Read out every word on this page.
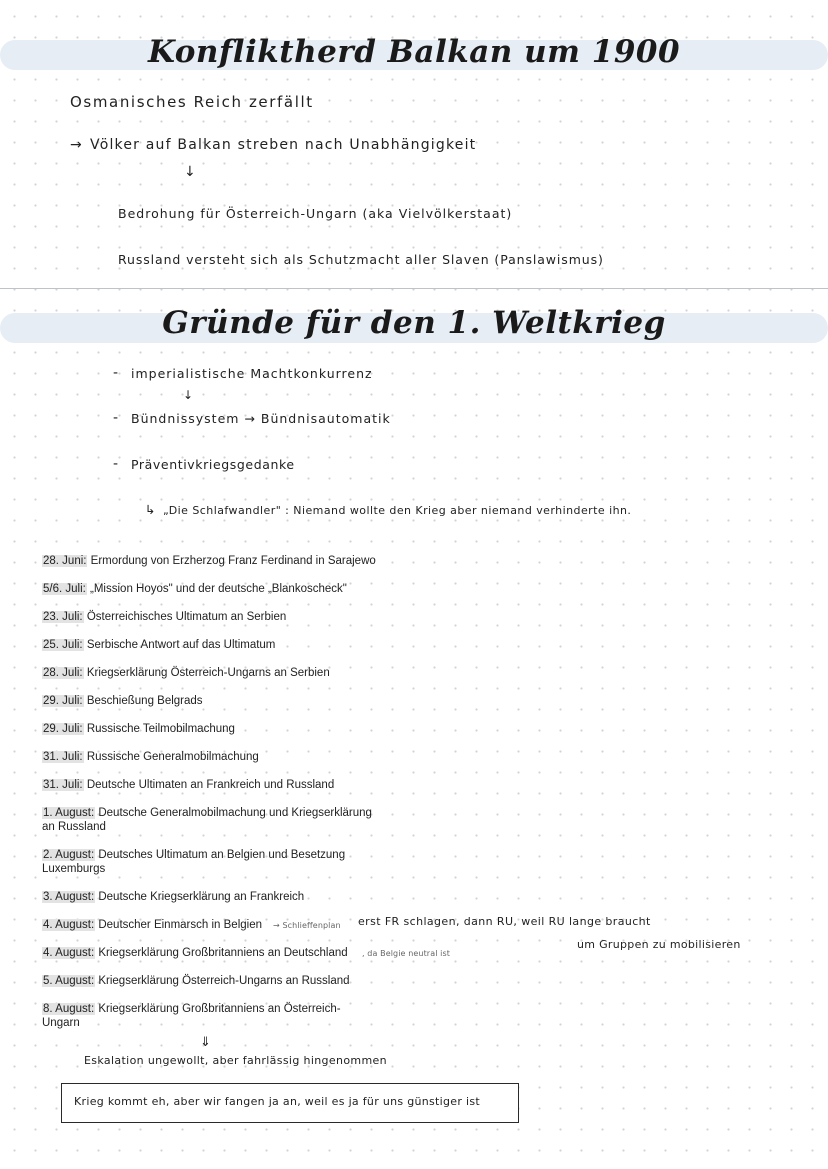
Konfliktherd Balkan um 1900
Osmanisches Reich zerfällt
→ Völker auf Balkan streben nach Unabhängigkeit
↓
Bedrohung für Österreich-Ungarn (aka Vielvölkerstaat)
Russland versteht sich als Schutzmacht aller Slaven (Panslawismus)
Gründe für den 1. Weltkrieg
- imperialistische Machtkonkurrenz
↓
- Bündnissystem → Bündnisautomatik
- Präventivkriegsgedanke
↳ „Die Schlafwandler" : Niemand wollte den Krieg aber niemand verhinderte ihn.
28. Juni: Ermordung von Erzherzog Franz Ferdinand in Sarajewo
5/6. Juli: „Mission Hoyos" und der deutsche „Blankoscheck"
23. Juli: Österreichisches Ultimatum an Serbien
25. Juli: Serbische Antwort auf das Ultimatum
28. Juli: Kriegserklärung Österreich-Ungarns an Serbien
29. Juli: Beschießung Belgrads
29. Juli: Russische Teilmobilmachung
31. Juli: Russische Generalmobilmachung
31. Juli: Deutsche Ultimaten an Frankreich und Russland
1. August: Deutsche Generalmobilmachung und Kriegserklärung
an Russland
2. August: Deutsches Ultimatum an Belgien und Besetzung
Luxemburgs
3. August: Deutsche Kriegserklärung an Frankreich
4. August: Deutscher Einmarsch in Belgien
4. August: Kriegserklärung Großbritanniens an Deutschland
5. August: Kriegserklärung Österreich-Ungarns an Russland
8. August: Kriegserklärung Großbritanniens an Österreich-
Ungarn
→ Schlieffenplan erst FR schlagen, dann RU, weil RU lange braucht
um Gruppen zu mobilisieren
, da Belgie neutral ist
⇓
Eskalation ungewollt, aber fahrlässig hingenommen
Krieg kommt eh, aber wir fangen ja an, weil es ja für uns günstiger ist
